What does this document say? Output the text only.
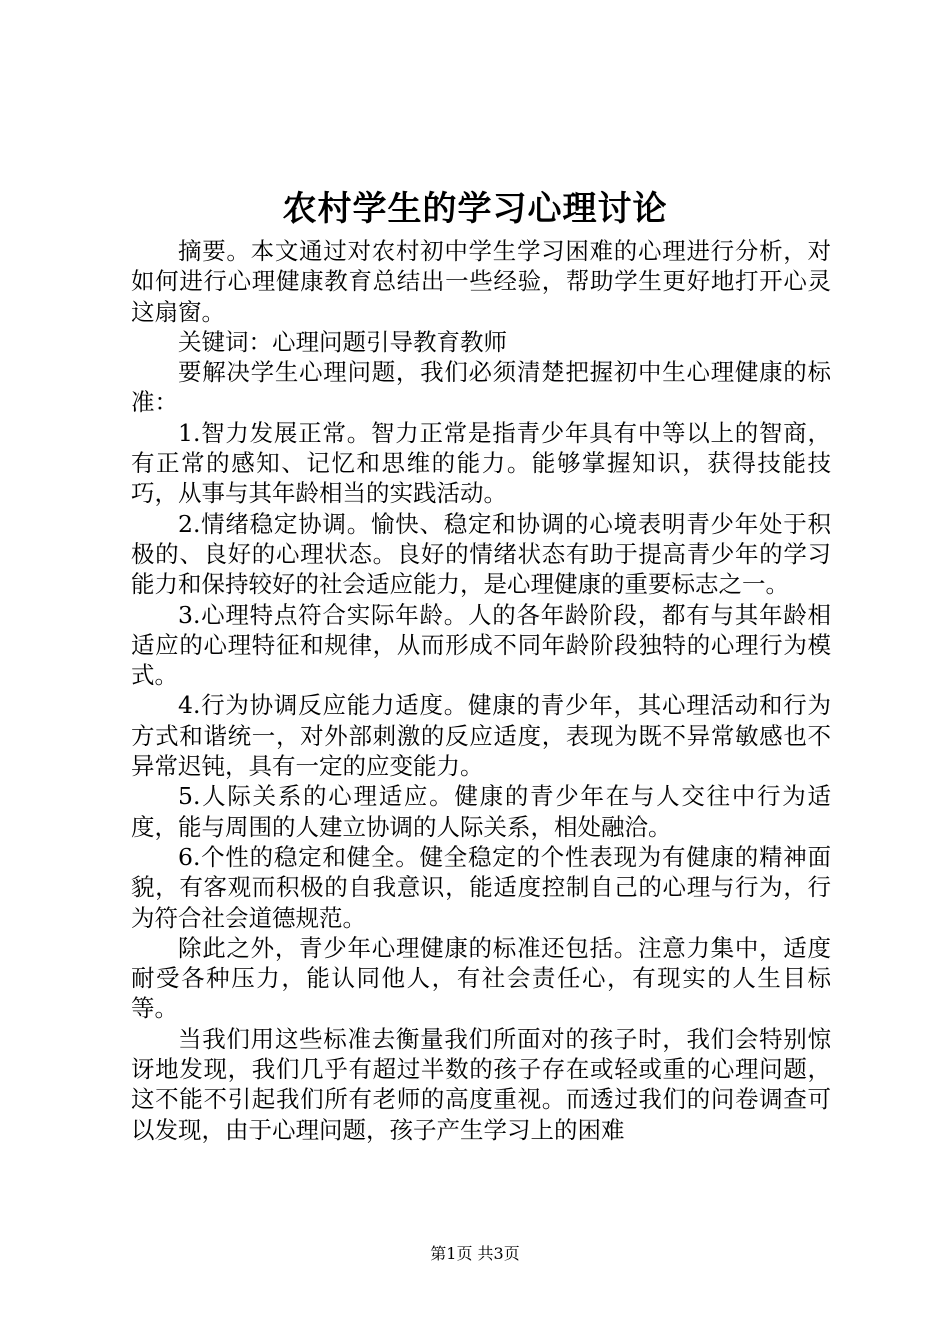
农村学生的学习心理讨论

摘要。本文通过对农村初中学生学习困难的心理进行分析，对如何进行心理健康教育总结出一些经验，帮助学生更好地打开心灵这扇窗。

关键词：心理问题引导教育教师

要解决学生心理问题，我们必须清楚把握初中生心理健康的标准：

1.智力发展正常。智力正常是指青少年具有中等以上的智商，有正常的感知、记忆和思维的能力。能够掌握知识，获得技能技巧，从事与其年龄相当的实践活动。

2.情绪稳定协调。愉快、稳定和协调的心境表明青少年处于积极的、良好的心理状态。良好的情绪状态有助于提高青少年的学习能力和保持较好的社会适应能力，是心理健康的重要标志之一。

3.心理特点符合实际年龄。人的各年龄阶段，都有与其年龄相适应的心理特征和规律，从而形成不同年龄阶段独特的心理行为模式。

4.行为协调反应能力适度。健康的青少年，其心理活动和行为方式和谐统一，对外部刺激的反应适度，表现为既不异常敏感也不异常迟钝，具有一定的应变能力。

5.人际关系的心理适应。健康的青少年在与人交往中行为适度，能与周围的人建立协调的人际关系，相处融洽。

6.个性的稳定和健全。健全稳定的个性表现为有健康的精神面貌，有客观而积极的自我意识，能适度控制自己的心理与行为，行为符合社会道德规范。

除此之外，青少年心理健康的标准还包括。注意力集中，适度耐受各种压力，能认同他人，有社会责任心，有现实的人生目标等。

当我们用这些标准去衡量我们所面对的孩子时，我们会特别惊讶地发现，我们几乎有超过半数的孩子存在或轻或重的心理问题，这不能不引起我们所有老师的高度重视。而透过我们的问卷调查可以发现，由于心理问题，孩子产生学习上的困难

第1页 共3页
